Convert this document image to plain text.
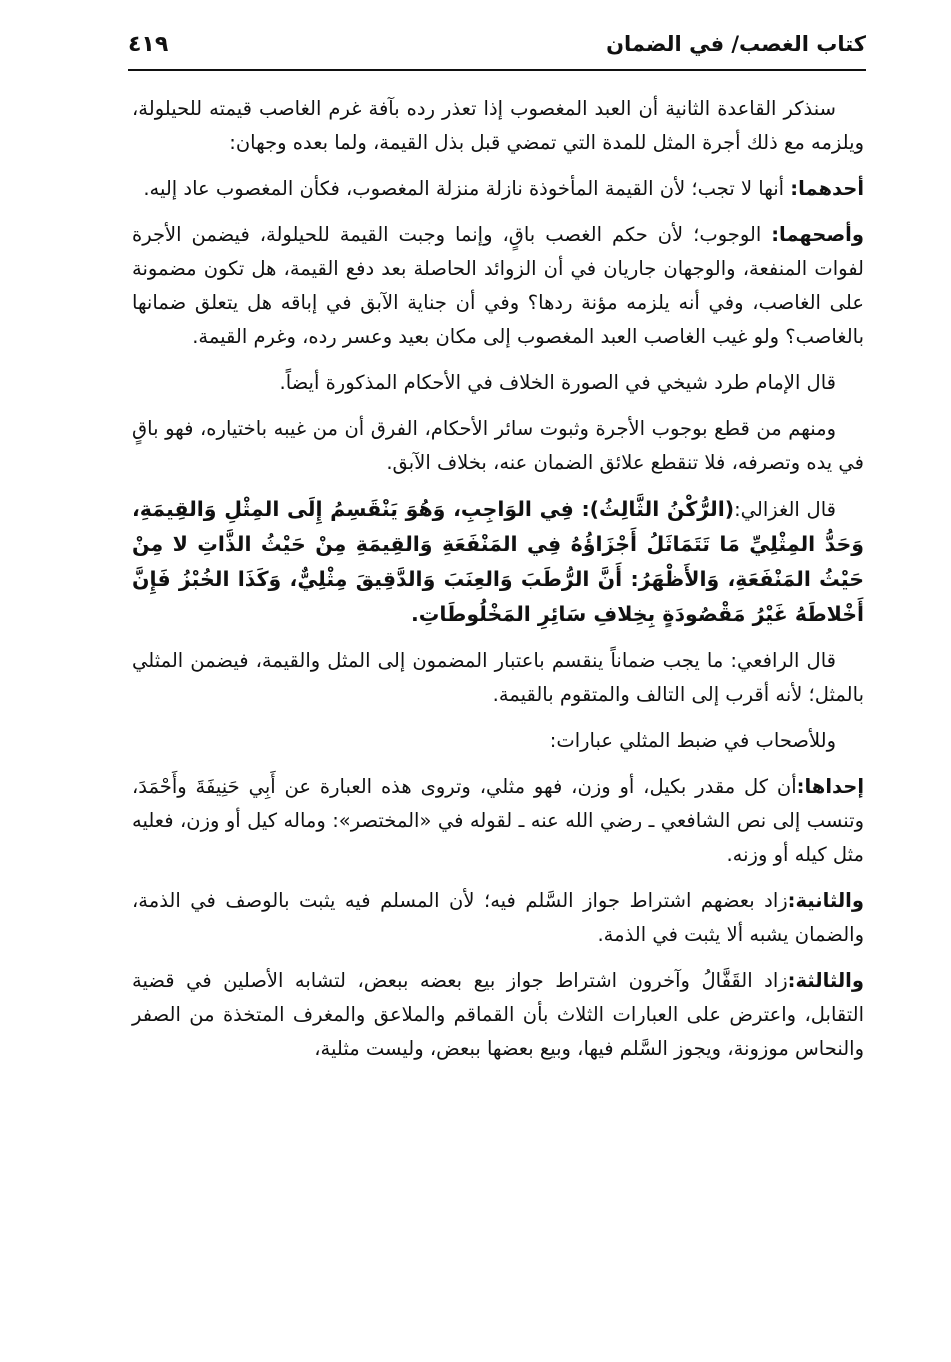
كتاب الغصب/ في الضمان
٤١٩

سنذكر القاعدة الثانية أن العبد المغصوب إذا تعذر رده بآفة غرم الغاصب قيمته للحيلولة، ويلزمه مع ذلك أجرة المثل للمدة التي تمضي قبل بذل القيمة، ولما بعده وجهان:

أحدهما: أنها لا تجب؛ لأن القيمة المأخوذة نازلة منزلة المغصوب، فكأن المغصوب عاد إليه.

وأصحهما: الوجوب؛ لأن حكم الغصب باقٍ، وإنما وجبت القيمة للحيلولة، فيضمن الأجرة لفوات المنفعة، والوجهان جاريان في أن الزوائد الحاصلة بعد دفع القيمة، هل تكون مضمونة على الغاصب، وفي أنه يلزمه مؤنة ردها؟ وفي أن جناية الآبق في إباقه هل يتعلق ضمانها بالغاصب؟ ولو غيب الغاصب العبد المغصوب إلى مكان بعيد وعسر رده، وغرم القيمة.

قال الإمام طرد شيخي في الصورة الخلاف في الأحكام المذكورة أيضاً.

ومنهم من قطع بوجوب الأجرة وثبوت سائر الأحكام، الفرق أن من غيبه باختياره، فهو باقٍ في يده وتصرفه، فلا تنقطع علائق الضمان عنه، بخلاف الآبق.

قال الغزالي:(الرُّكْنُ الثَّالِثُ): فِي الوَاجِبِ، وَهُوَ يَنْقَسِمُ إِلَى المِثْلِ وَالقِيمَةِ، وَحَدُّ المِثْلِيِّ مَا تَتَمَاثَلُ أَجْزَاؤُهُ فِي المَنْفَعَةِ وَالقِيمَةِ مِنْ حَيْثُ الذَّاتِ لا مِنْ حَيْثُ المَنْفَعَةِ، وَالأَظْهَرُ: أَنَّ الرُّطَبَ وَالعِنَبَ وَالدَّقِيقَ مِثْلِيٌّ، وَكَذَا الخُبْزُ فَإِنَّ أَخْلاطَهُ غَيْرُ مَقْصُودَةٍ بِخِلافِ سَائِرِ المَخْلُوطَاتِ.

قال الرافعي: ما يجب ضماناً ينقسم باعتبار المضمون إلى المثل والقيمة، فيضمن المثلي بالمثل؛ لأنه أقرب إلى التالف والمتقوم بالقيمة.

وللأصحاب في ضبط المثلي عبارات:

إحداها:أن كل مقدر بكيل، أو وزن، فهو مثلي، وتروى هذه العبارة عن أَبِي حَنِيفَةَ وأَحْمَدَ، وتنسب إلى نص الشافعي ـ رضي الله عنه ـ لقوله في «المختصر»: وماله كيل أو وزن، فعليه مثل كيله أو وزنه.

والثانية:زاد بعضهم اشتراط جواز السَّلم فيه؛ لأن المسلم فيه يثبت بالوصف في الذمة، والضمان يشبه ألا يثبت في الذمة.

والثالثة:زاد القَفَّالُ وآخرون اشتراط جواز بيع بعضه ببعض، لتشابه الأصلين في قضية التقابل، واعترض على العبارات الثلاث بأن القماقم والملاعق والمغرف المتخذة من الصفر والنحاس موزونة، ويجوز السَّلم فيها، وبيع بعضها ببعض، وليست مثلية،
